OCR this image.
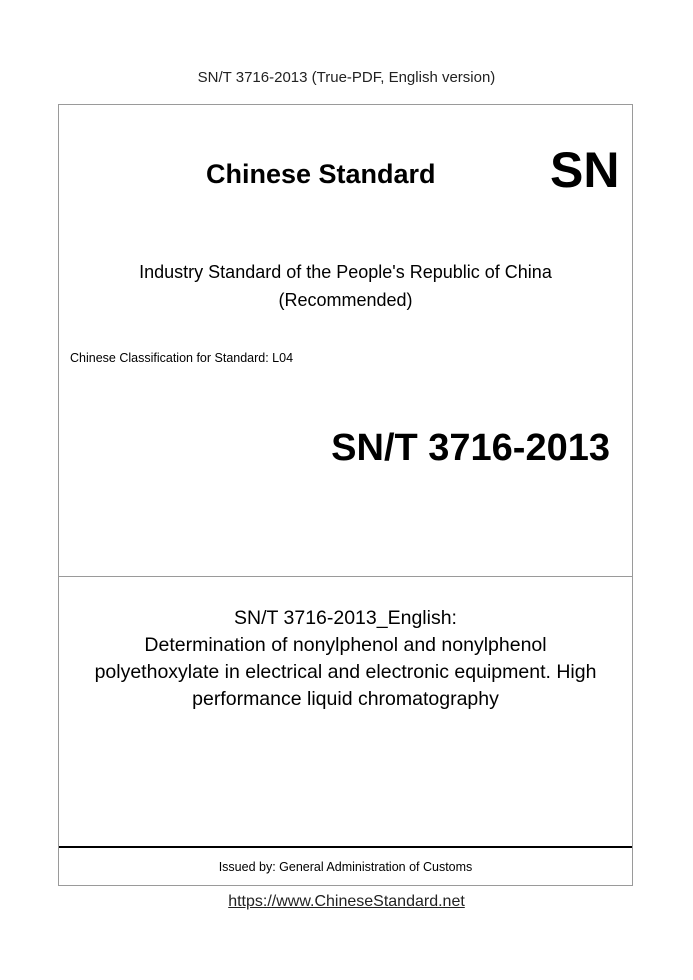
SN/T 3716-2013 (True-PDF, English version)
Chinese Standard SN
Industry Standard of the People's Republic of China
(Recommended)
Chinese Classification for Standard: L04
SN/T 3716-2013
SN/T 3716-2013_English:
Determination of nonylphenol and nonylphenol
polyethoxylate in electrical and electronic equipment. High
performance liquid chromatography
Issued by: General Administration of Customs
https://www.ChineseStandard.net
